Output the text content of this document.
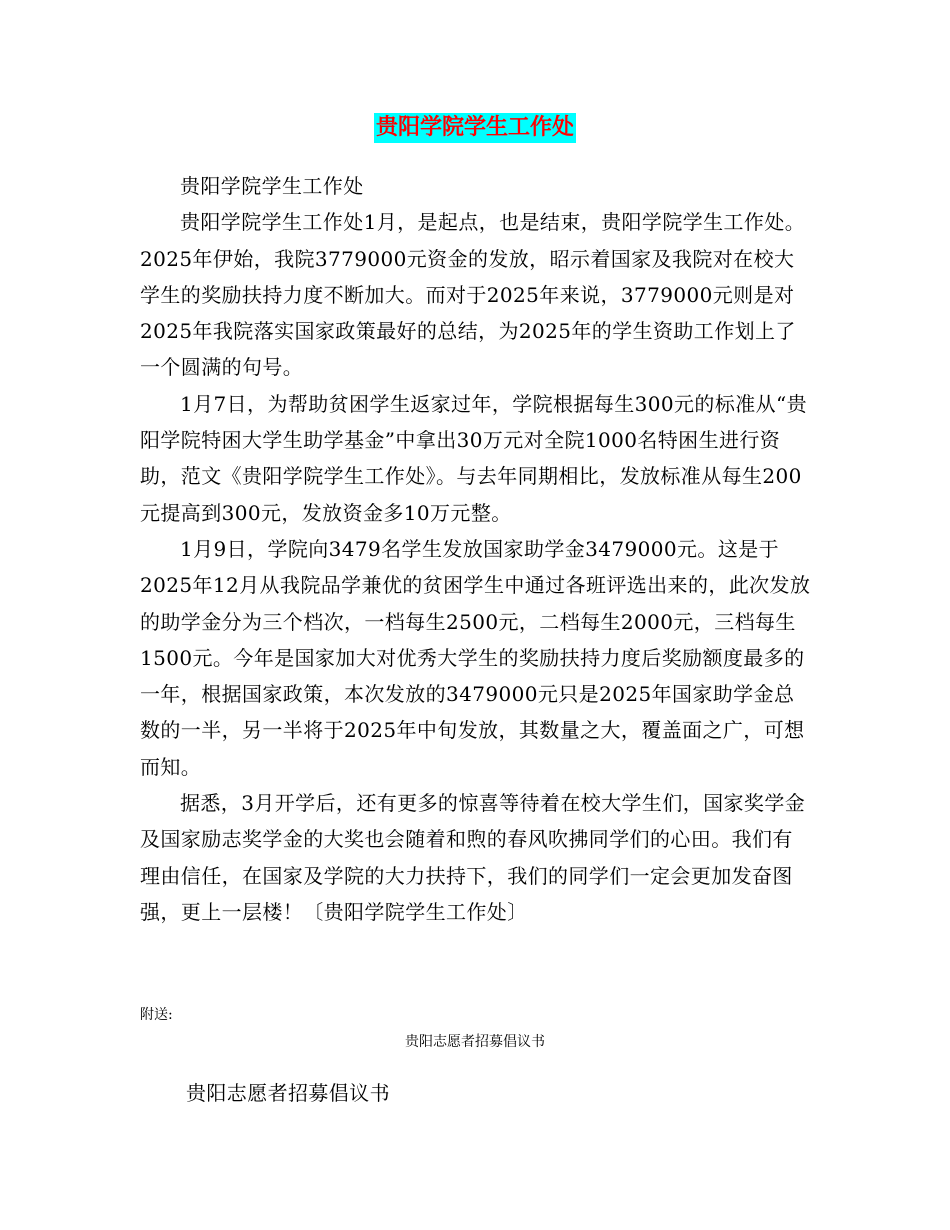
贵阳学院学生工作处

贵阳学院学生工作处

贵阳学院学生工作处1月，是起点，也是结束，贵阳学院学生工作处。2025年伊始，我院3779000元资金的发放，昭示着国家及我院对在校大学生的奖励扶持力度不断加大。而对于2025年来说，3779000元则是对2025年我院落实国家政策最好的总结，为2025年的学生资助工作划上了一个圆满的句号。

1月7日，为帮助贫困学生返家过年，学院根据每生300元的标准从“贵阳学院特困大学生助学基金”中拿出30万元对全院1000名特困生进行资助，范文《贵阳学院学生工作处》。与去年同期相比，发放标准从每生200元提高到300元，发放资金多10万元整。

1月9日，学院向3479名学生发放国家助学金3479000元。这是于2025年12月从我院品学兼优的贫困学生中通过各班评选出来的，此次发放的助学金分为三个档次，一档每生2500元，二档每生2000元，三档每生1500元。今年是国家加大对优秀大学生的奖励扶持力度后奖励额度最多的一年，根据国家政策，本次发放的3479000元只是2025年国家助学金总数的一半，另一半将于2025年中旬发放，其数量之大，覆盖面之广，可想而知。

据悉，3月开学后，还有更多的惊喜等待着在校大学生们，国家奖学金及国家励志奖学金的大奖也会随着和煦的春风吹拂同学们的心田。我们有理由信任，在国家及学院的大力扶持下，我们的同学们一定会更加发奋图强，更上一层楼！〔贵阳学院学生工作处〕

附送:
贵阳志愿者招募倡议书
贵阳志愿者招募倡议书
